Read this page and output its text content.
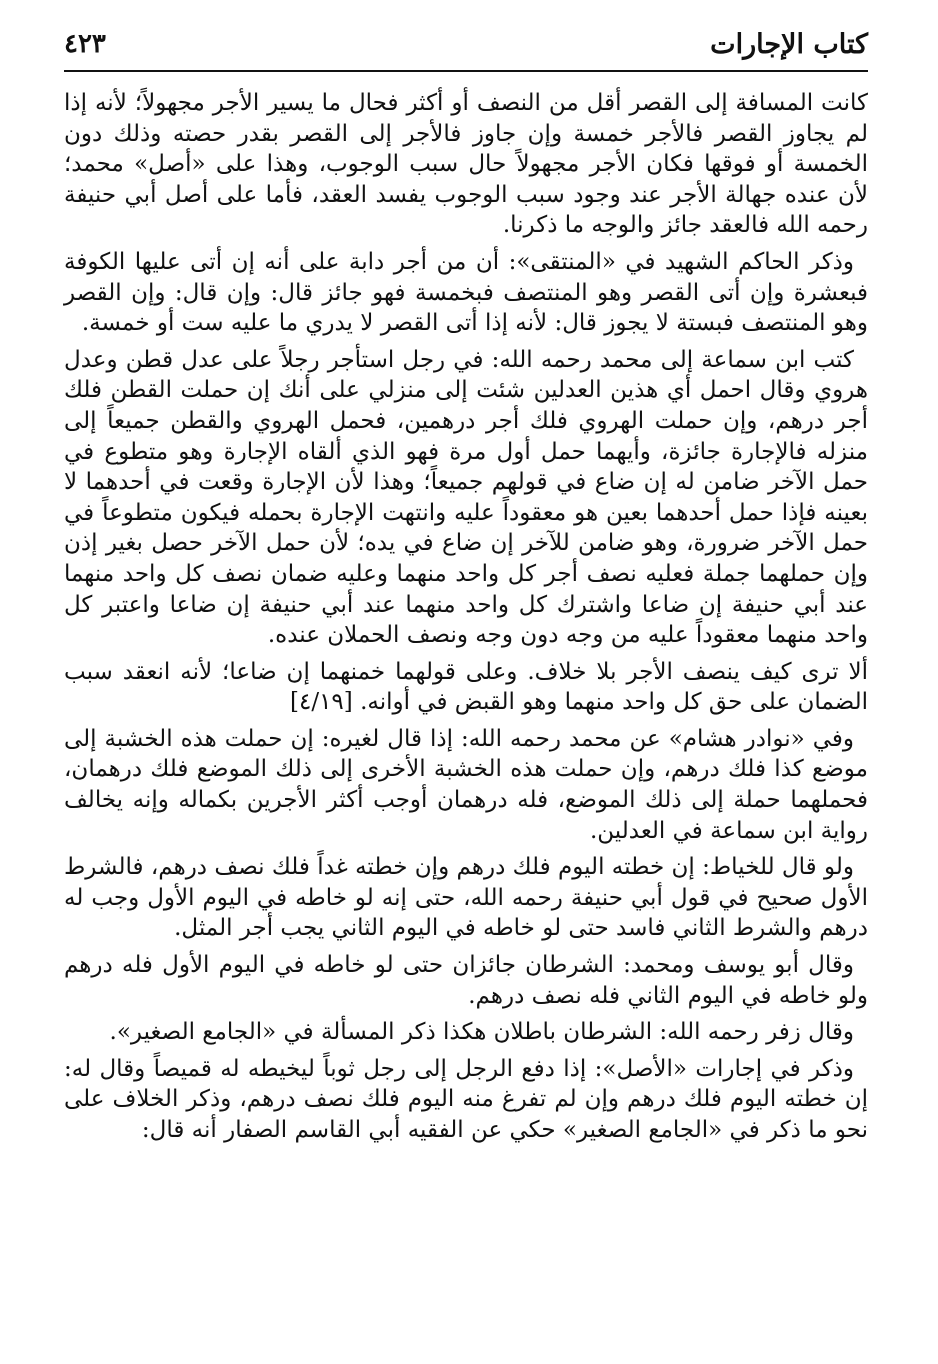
كتاب الإجارات
٤٢٣

كانت المسافة إلى القصر أقل من النصف أو أكثر فحال ما يسير الأجر مجهولاً؛ لأنه إذا لم يجاوز القصر فالأجر خمسة وإن جاوز فالأجر إلى القصر بقدر حصته وذلك دون الخمسة أو فوقها فكان الأجر مجهولاً حال سبب الوجوب، وهذا على «أصل» محمد؛ لأن عنده جهالة الأجر عند وجود سبب الوجوب يفسد العقد، فأما على أصل أبي حنيفة رحمه الله فالعقد جائز والوجه ما ذكرنا.

وذكر الحاكم الشهيد في «المنتقى»: أن من أجر دابة على أنه إن أتى عليها الكوفة فبعشرة وإن أتى القصر وهو المنتصف فبخمسة فهو جائز قال: وإن قال: وإن القصر وهو المنتصف فبستة لا يجوز قال: لأنه إذا أتى القصر لا يدري ما عليه ست أو خمسة.

كتب ابن سماعة إلى محمد رحمه الله: في رجل استأجر رجلاً على عدل قطن وعدل هروي وقال احمل أي هذين العدلين شئت إلى منزلي على أنك إن حملت القطن فلك أجر درهم، وإن حملت الهروي فلك أجر درهمين، فحمل الهروي والقطن جميعاً إلى منزله فالإجارة جائزة، وأيهما حمل أول مرة فهو الذي ألقاه الإجارة وهو متطوع في حمل الآخر ضامن له إن ضاع في قولهم جميعاً؛ وهذا لأن الإجارة وقعت في أحدهما لا بعينه فإذا حمل أحدهما بعين هو معقوداً عليه وانتهت الإجارة بحمله فيكون متطوعاً في حمل الآخر ضرورة، وهو ضامن للآخر إن ضاع في يده؛ لأن حمل الآخر حصل بغير إذن وإن حملهما جملة فعليه نصف أجر كل واحد منهما وعليه ضمان نصف كل واحد منهما عند أبي حنيفة إن ضاعا واشترك كل واحد منهما عند أبي حنيفة إن ضاعا واعتبر كل واحد منهما معقوداً عليه من وجه دون وجه ونصف الحملان عنده.

ألا ترى كيف ينصف الأجر بلا خلاف. وعلى قولهما خمنهما إن ضاعا؛ لأنه انعقد سبب الضمان على حق كل واحد منهما وهو القبض في أوانه. [٤/١٩]

وفي «نوادر هشام» عن محمد رحمه الله: إذا قال لغيره: إن حملت هذه الخشبة إلى موضع كذا فلك درهم، وإن حملت هذه الخشبة الأخرى إلى ذلك الموضع فلك درهمان، فحملهما حملة إلى ذلك الموضع، فله درهمان أوجب أكثر الأجرين بكماله وإنه يخالف رواية ابن سماعة في العدلين.

ولو قال للخياط: إن خطته اليوم فلك درهم وإن خطته غداً فلك نصف درهم، فالشرط الأول صحيح في قول أبي حنيفة رحمه الله، حتى إنه لو خاطه في اليوم الأول وجب له درهم والشرط الثاني فاسد حتى لو خاطه في اليوم الثاني يجب أجر المثل.

وقال أبو يوسف ومحمد: الشرطان جائزان حتى لو خاطه في اليوم الأول فله درهم ولو خاطه في اليوم الثاني فله نصف درهم.

وقال زفر رحمه الله: الشرطان باطلان هكذا ذكر المسألة في «الجامع الصغير».

وذكر في إجارات «الأصل»: إذا دفع الرجل إلى رجل ثوباً ليخيطه له قميصاً وقال له: إن خطته اليوم فلك درهم وإن لم تفرغ منه اليوم فلك نصف درهم، وذكر الخلاف على نحو ما ذكر في «الجامع الصغير» حكي عن الفقيه أبي القاسم الصفار أنه قال:
